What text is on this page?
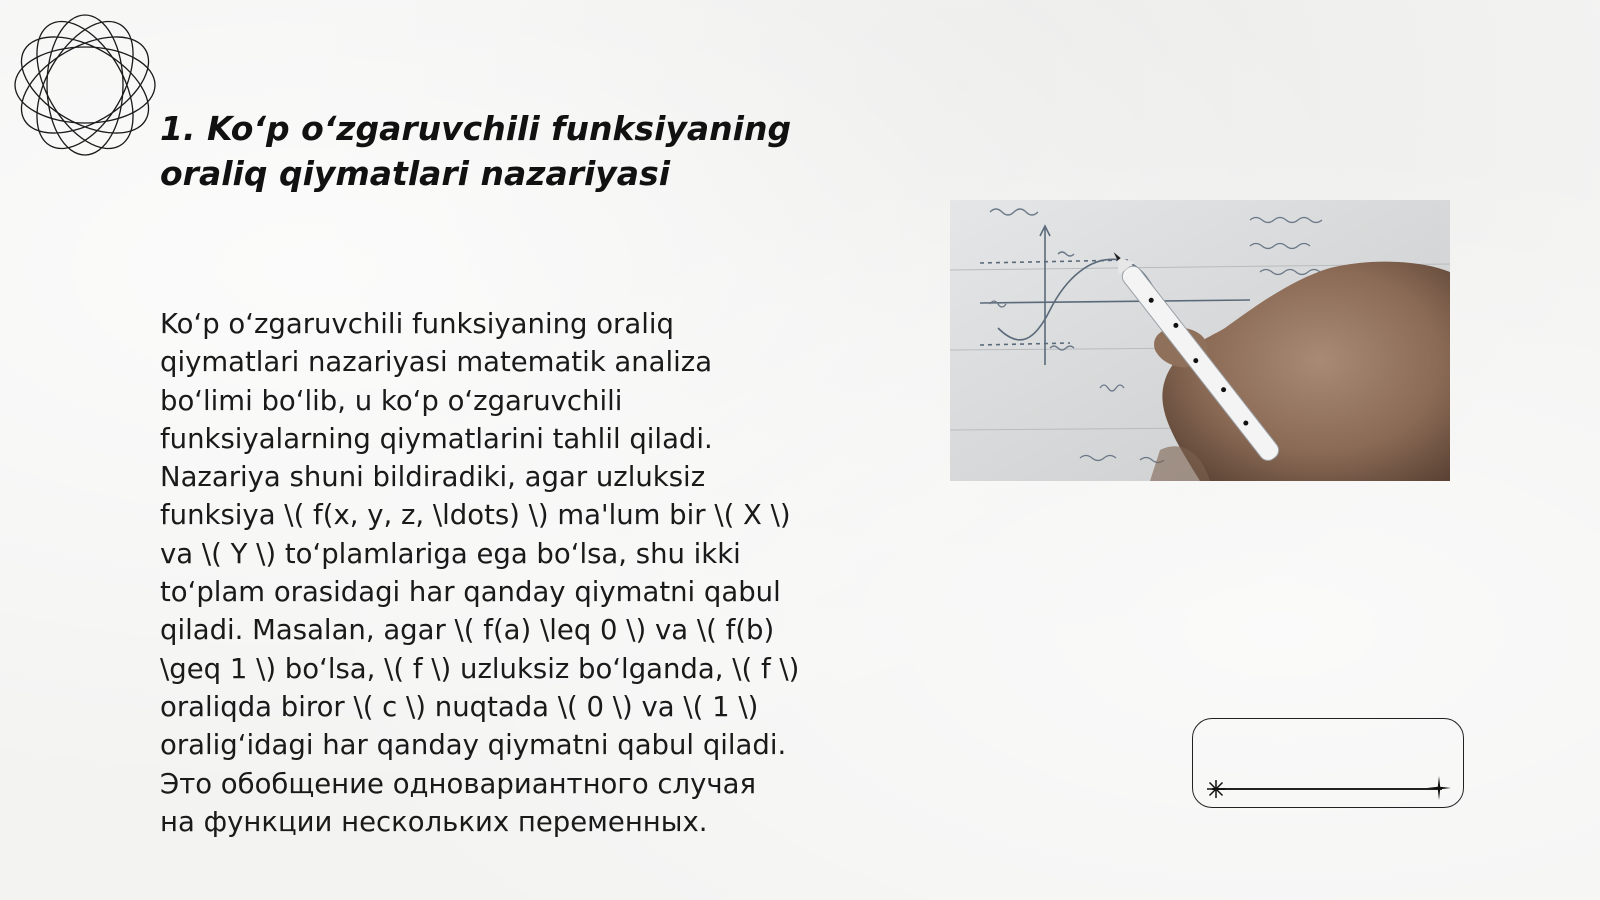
1. Ko‘p o‘zgaruvchili funksiyaning
oraliq qiymatlari nazariyasi
Ko‘p o‘zgaruvchili funksiyaning oraliq
qiymatlari nazariyasi matematik analiza
bo‘limi bo‘lib, u ko‘p o‘zgaruvchili
funksiyalarning qiymatlarini tahlil qiladi.
Nazariya shuni bildiradiki, agar uzluksiz
funksiya \( f(x, y, z, \ldots) \) ma'lum bir \( X \)
va \( Y \) to‘plamlariga ega bo‘lsa, shu ikki
to‘plam orasidagi har qanday qiymatni qabul
qiladi. Masalan, agar \( f(a) \leq 0 \) va \( f(b)
\geq 1 \) bo‘lsa, \( f \) uzluksiz bo‘lganda, \( f \)
oraliqda biror \( c \) nuqtada \( 0 \) va \( 1 \)
oralig‘idagi har qanday qiymatni qabul qiladi.
Это обобщение одновариантного случая
на функции нескольких переменных.
